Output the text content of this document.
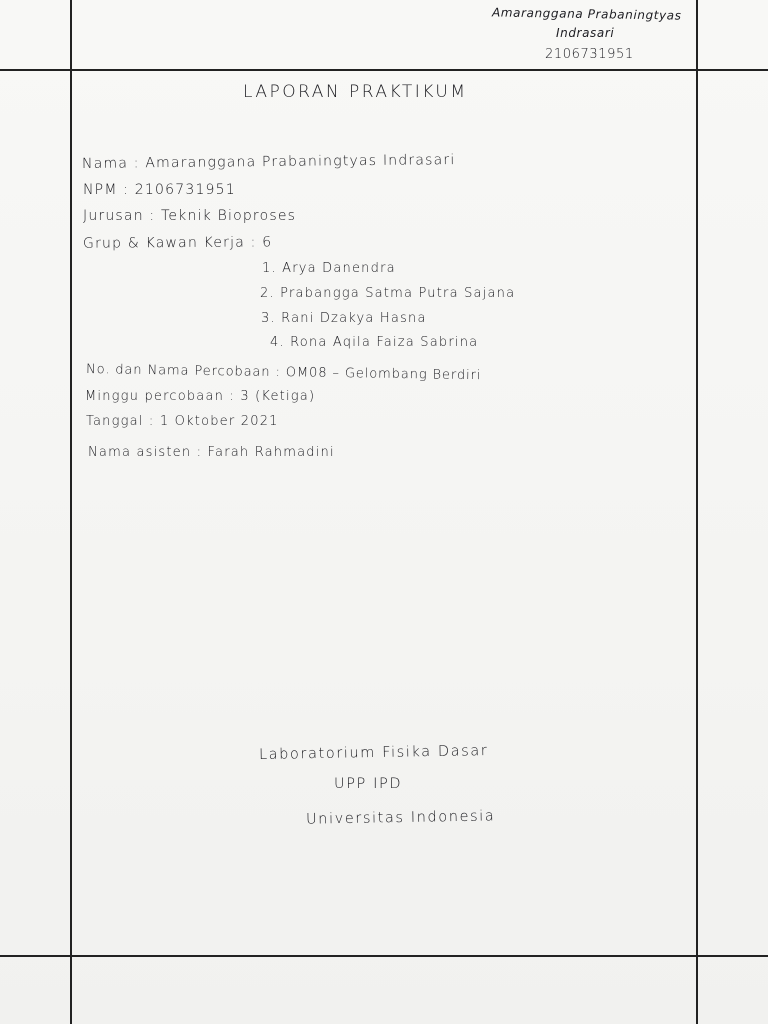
Amaranggana Prabaningtyas
Indrasari
2106731951
LAPORAN PRAKTIKUM
Nama : Amaranggana Prabaningtyas Indrasari
NPM : 2106731951
Jurusan : Teknik Bioproses
Grup & Kawan Kerja : 6
1. Arya Danendra
2. Prabangga Satma Putra Sajana
3. Rani Dzakya Hasna
4. Rona Aqila Faiza Sabrina
No. dan Nama Percobaan : OM08 – Gelombang Berdiri
Minggu percobaan : 3 (Ketiga)
Tanggal : 1 Oktober 2021
Nama asisten : Farah Rahmadini
Laboratorium Fisika Dasar
UPP IPD
Universitas Indonesia
